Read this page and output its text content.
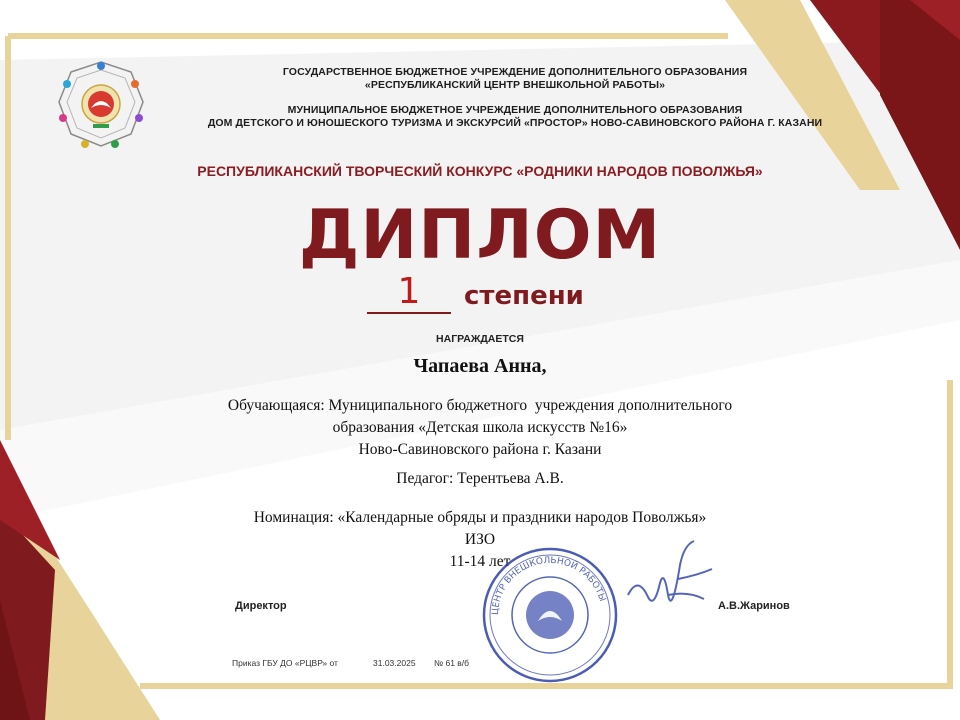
ГОСУДАРСТВЕННОЕ БЮДЖЕТНОЕ УЧРЕЖДЕНИЕ ДОПОЛНИТЕЛЬНОГО ОБРАЗОВАНИЯ
«РЕСПУБЛИКАНСКИЙ ЦЕНТР ВНЕШКОЛЬНОЙ РАБОТЫ»
МУНИЦИПАЛЬНОЕ БЮДЖЕТНОЕ УЧРЕЖДЕНИЕ ДОПОЛНИТЕЛЬНОГО ОБРАЗОВАНИЯ
ДОМ ДЕТСКОГО И ЮНОШЕСКОГО ТУРИЗМА И ЭКСКУРСИЙ «ПРОСТОР» НОВО-САВИНОВСКОГО РАЙОНА Г. КАЗАНИ
РЕСПУБЛИКАНСКИЙ ТВОРЧЕСКИЙ КОНКУРС «РОДНИКИ НАРОДОВ ПОВОЛЖЬЯ»
ДИПЛОМ
1	степени
НАГРАЖДАЕТСЯ
Чапаева Анна,
Обучающаяся: Муниципального бюджетного  учреждения дополнительного
образования «Детская школа искусств №16»
Ново-Савиновского района г. Казани
Педагог: Терентьева А.В.
Номинация: «Календарные обряды и праздники народов Поволжья»
ИЗО
11-14 лет
Директор	А.В.Жаринов
ЦЕНТР ВНЕШКОЛЬНОЙ РАБОТЫ
Приказ ГБУ ДО «РЦВР» от	31.03.2025 № 61 в/б
